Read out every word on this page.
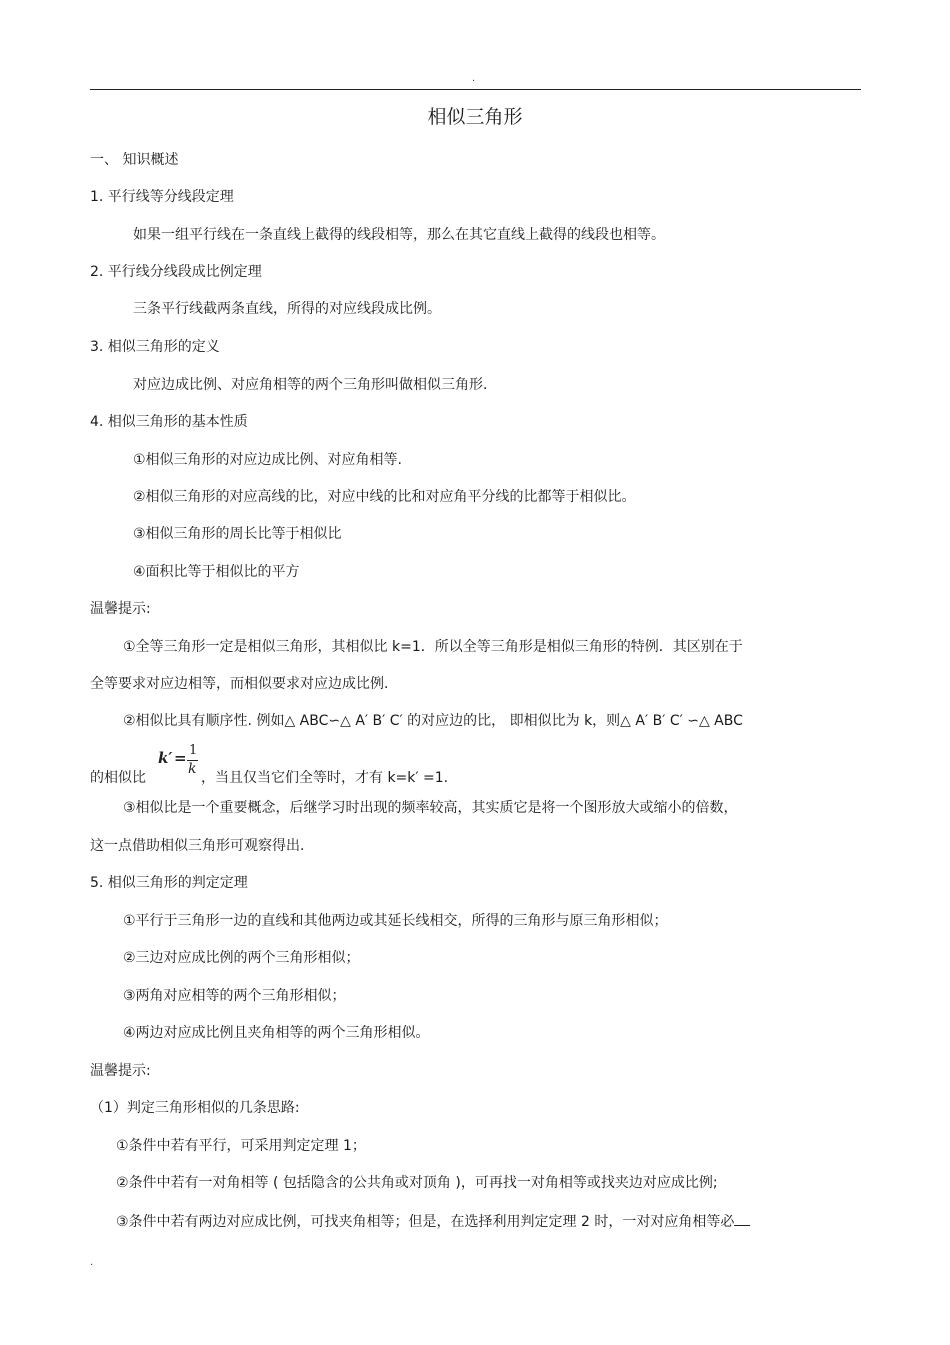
.
相似三角形
一、 知识概述
1. 平行线等分线段定理
如果一组平行线在一条直线上截得的线段相等，那么在其它直线上截得的线段也相等。
2. 平行线分线段成比例定理
三条平行线截两条直线，所得的对应线段成比例。
3. 相似三角形的定义
对应边成比例、对应角相等的两个三角形叫做相似三角形.
4. 相似三角形的基本性质
①相似三角形的对应边成比例、对应角相等.
②相似三角形的对应高线的比，对应中线的比和对应角平分线的比都等于相似比。
③相似三角形的周长比等于相似比
④面积比等于相似比的平方
温馨提示:
①全等三角形一定是相似三角形，其相似比 k=1．所以全等三角形是相似三角形的特例．其区别在于
全等要求对应边相等，而相似要求对应边成比例.
②相似比具有顺序性. 例如△ ABC∽△ A′ B′ C′ 的对应边的比， 即相似比为 k，则△ A′ B′ C′ ∽△ ABC
的相似比
k′ = 1
k
，当且仅当它们全等时，才有 k=k′ =1.
③相似比是一个重要概念，后继学习时出现的频率较高，其实质它是将一个图形放大或缩小的倍数，
这一点借助相似三角形可观察得出.
5. 相似三角形的判定定理
①平行于三角形一边的直线和其他两边或其延长线相交，所得的三角形与原三角形相似；
②三边对应成比例的两个三角形相似；
③两角对应相等的两个三角形相似；
④两边对应成比例且夹角相等的两个三角形相似。
温馨提示:
（1）判定三角形相似的几条思路:
①条件中若有平行，可采用判定定理 1；
②条件中若有一对角相等 ( 包括隐含的公共角或对顶角 )，可再找一对角相等或找夹边对应成比例;
③条件中若有两边对应成比例，可找夹角相等；但是，在选择利用判定定理 2 时，一对对应角相等必
.
